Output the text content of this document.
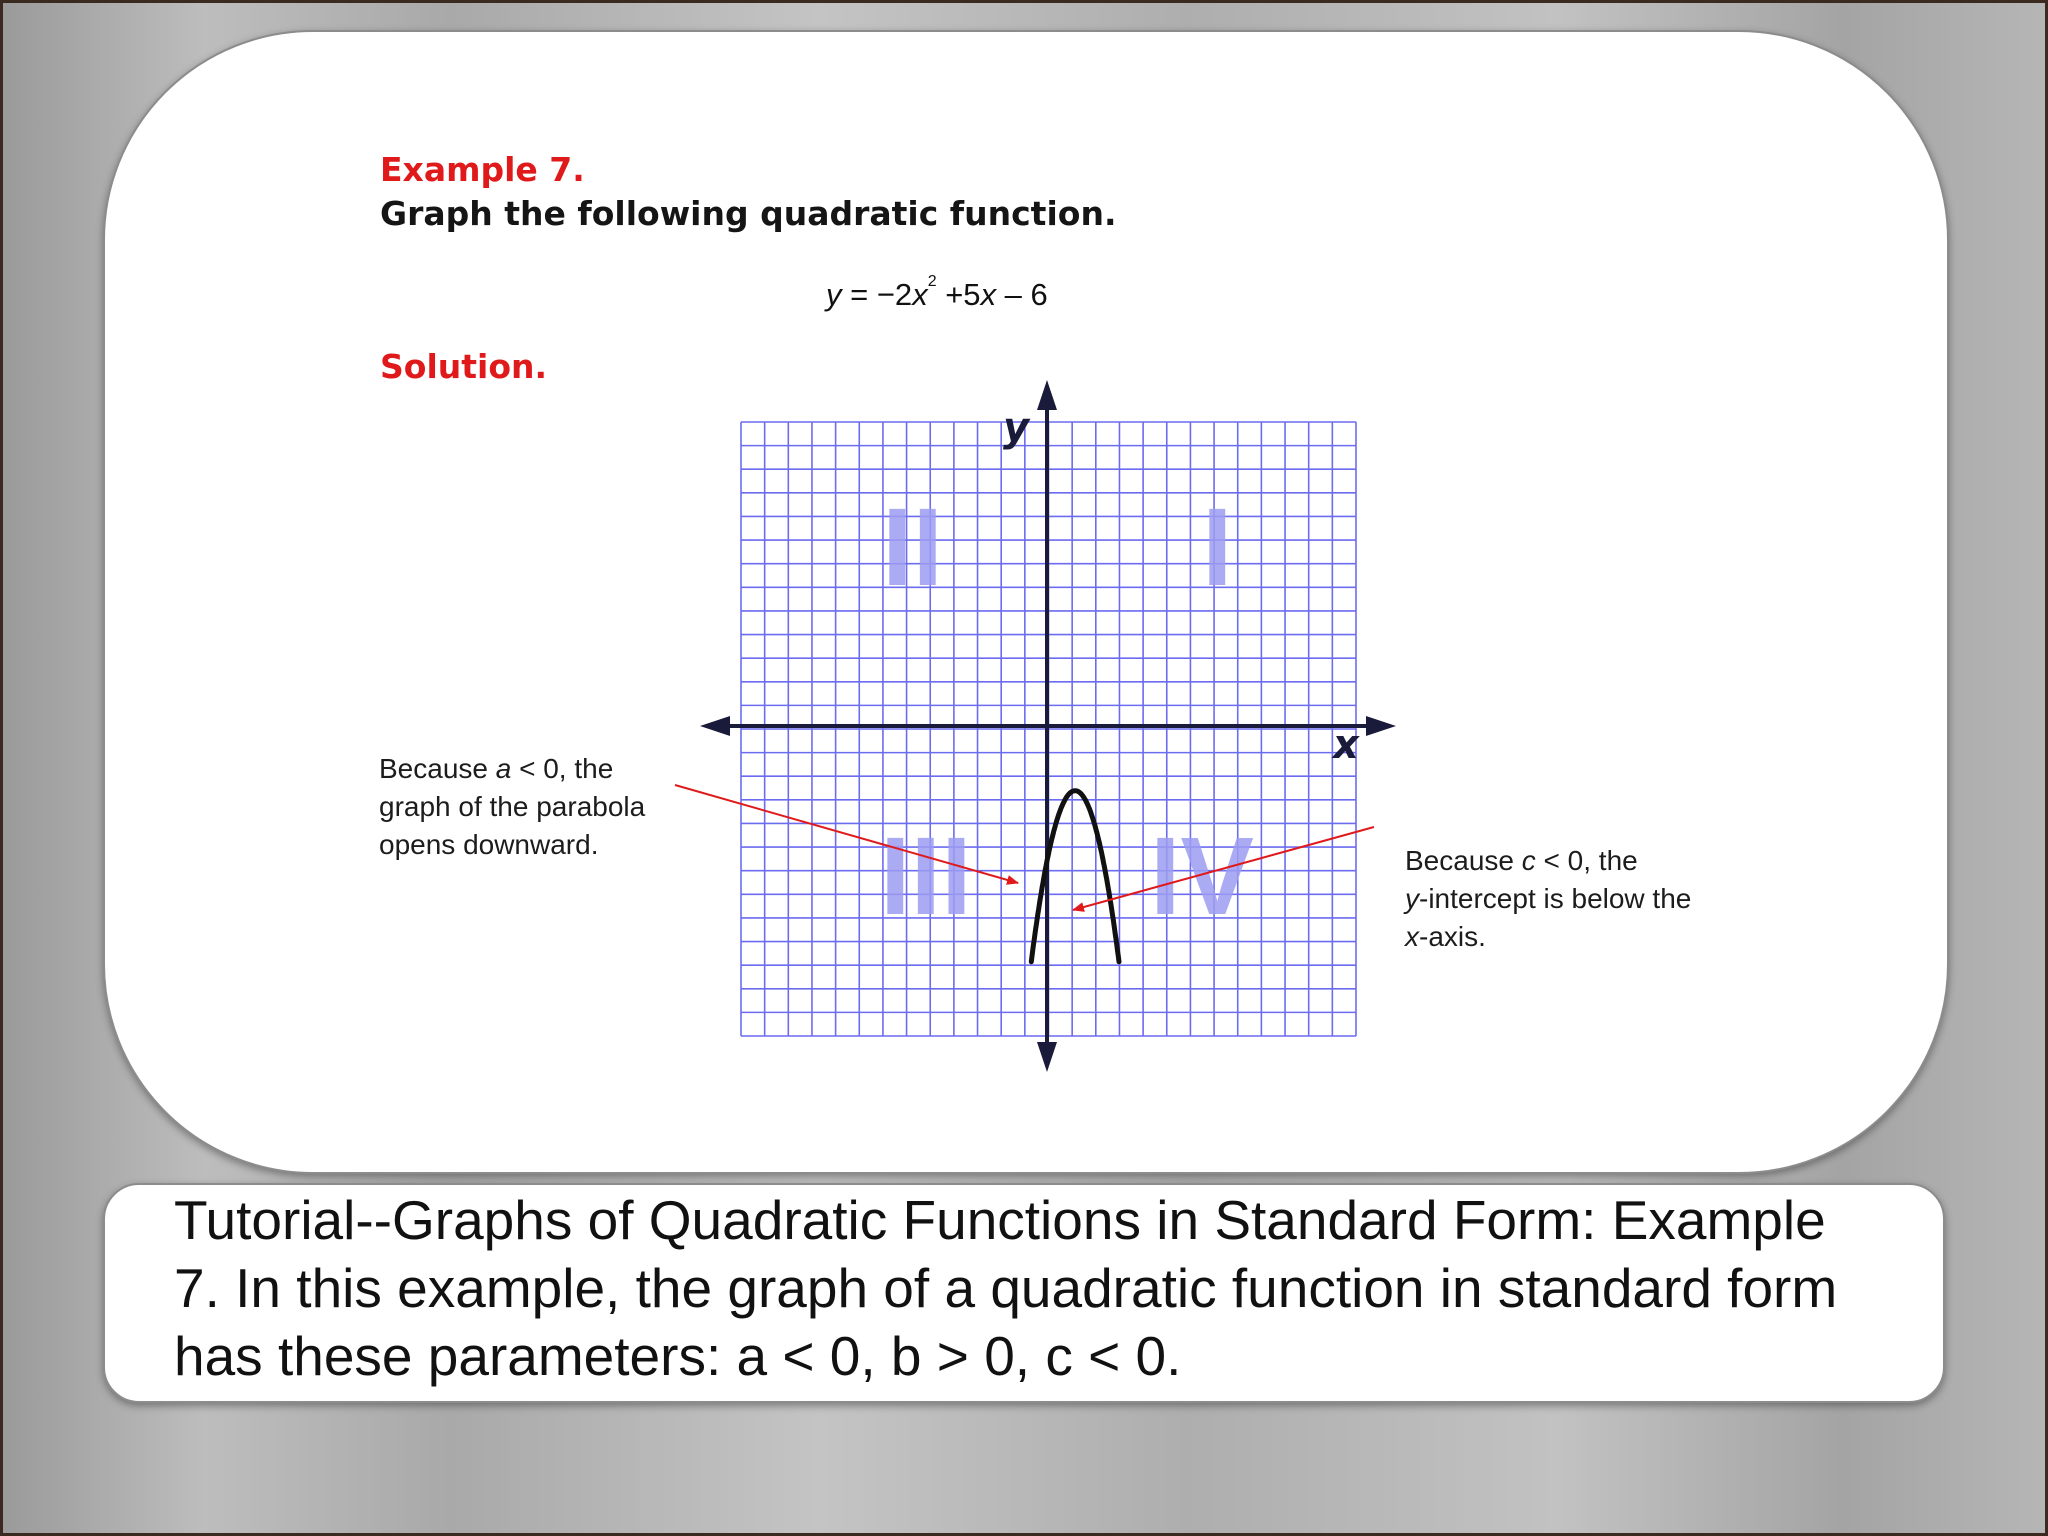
Example 7.

Graph the following quadratic function.

$y = -2x^2 +5x - 6$

Solution.

I
II
III IV
y
x
Because a < 0, the
graph of the parabola
opens downward.
Because c < 0, the
y-intercept is below the
x-axis.

Tutorial--Graphs of Quadratic Functions in Standard Form: Example 7. In this example, the graph of a quadratic function in standard form has these parameters: a < 0, b > 0, c < 0.
